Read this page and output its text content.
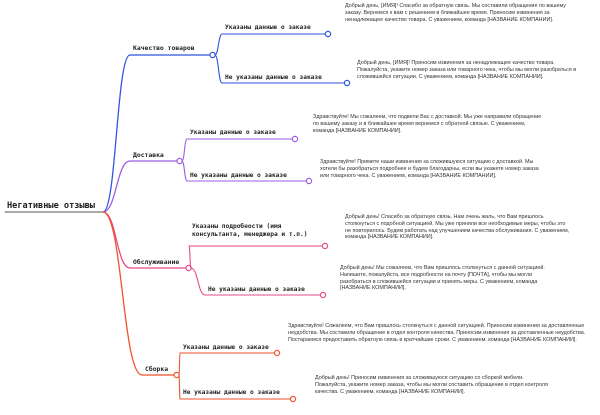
Негативные отзывы
Качество товаров
Указаны данные о заказе
Не указаны данные о заказе
Добрый день, [ИМЯ]! Спасибо за обратную связь. Мы составили обращение по вашему заказу. Вернемся к вам с решением в ближайшее время. Приносим извинения за ненадлежащее качество товара. С уважением, команда [НАЗВАНИЕ КОМПАНИИ].
Добрый день, [ИМЯ]! Приносим извинения за ненадлежащее качество товара. Пожалуйста, укажите номер заказа или товарного чека, чтобы мы могли разобраться в сложившейся ситуации. С уважением, команда [НАЗВАНИЕ КОМПАНИИ].
Доставка
Указаны данные о заказе
Не указаны данные о заказе
Здравствуйте! Мы сожалеем, что подвели Вас с доставкой. Мы уже направили обращение по вашему заказу и в ближайшее время вернемся с обратной связью. С уважением, команда [НАЗВАНИЕ КОМПАНИИ].
Здравствуйте! Примите наши извинения за сложившуюся ситуацию с доставкой. Мы хотели бы разобраться подробнее и будем благодарны, если вы укажете номер заказа или товарного чека. С уважением, команда [НАЗВАНИЕ КОМПАНИИ].
Обслуживание
Указаны подробности (имя
консультанта, менеджера и т.п.)
Не указаны данные о заказе
Добрый день! Спасибо за обратную связь. Нам очень жаль, что Вам пришлось столкнуться с подобной ситуацией. Мы уже приняли все необходимые меры, чтобы это не повторилось. Будем работать над улучшением качества обслуживания. С уважением, команда [НАЗВАНИЕ КОМПАНИИ].
Добрый день! Мы сожалеем, что Вам пришлось столкнуться с данной ситуацией. Напишите, пожалуйста, все подробности на почту [ПОЧТА], чтобы мы могли разобраться в сложившейся ситуации и принять меры. С уважением, команда [НАЗВАНИЕ КОМПАНИИ].
Сборка
Указаны данные о заказе
Не указаны данные о заказе
Здравствуйте! Сожалеем, что Вам пришлось столкнуться с данной ситуацией. Приносим извинения за доставленные неудобства. Мы составили обращение в отдел контроля качества. Приносим извинения за доставленные неудобства. Постараемся предоставить обратную связь в кратчайшие сроки. С уважением, команда [НАЗВАНИЕ КОМПАНИИ].
Добрый день! Приносим извинения за сложившуюся ситуацию со сборкой мебели. Пожалуйста, укажите номер заказа, чтобы мы могли составить обращение в отдел контроля качества. С уважением, команда [НАЗВАНИЕ КОМПАНИИ].
